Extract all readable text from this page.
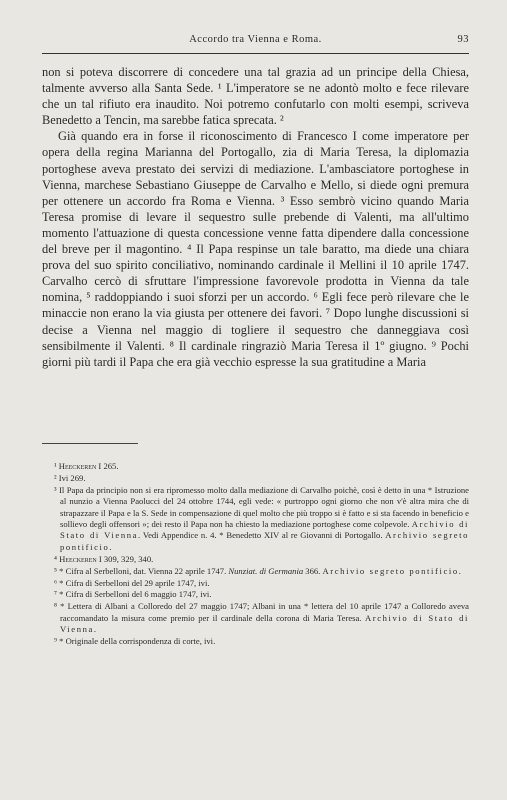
Accordo tra Vienna e Roma.	93

non si poteva discorrere di concedere una tal grazia ad un principe della Chiesa, talmente avverso alla Santa Sede. ¹ L'imperatore se ne adontò molto e fece rilevare che un tal rifiuto era inaudito. Noi potremo confutarlo con molti esempi, scriveva Benedetto a Tencin, ma sarebbe fatica sprecata. ²

Già quando era in forse il riconoscimento di Francesco I come imperatore per opera della regina Marianna del Portogallo, zia di Maria Teresa, la diplomazia portoghese aveva prestato dei servizi di mediazione. L'ambasciatore portoghese in Vienna, marchese Sebastiano Giuseppe de Carvalho e Mello, si diede ogni premura per ottenere un accordo fra Roma e Vienna. ³ Esso sembrò vicino quando Maria Teresa promise di levare il sequestro sulle prebende di Valenti, ma all'ultimo momento l'attuazione di questa concessione venne fatta dipendere dalla concessione del breve per il magontino. ⁴ Il Papa respinse un tale baratto, ma diede una chiara prova del suo spirito conciliativo, nominando cardinale il Mellini il 10 aprile 1747. Carvalho cercò di sfruttare l'impressione favorevole prodotta in Vienna da tale nomina, ⁵ raddoppiando i suoi sforzi per un accordo. ⁶ Egli fece però rilevare che le minaccie non erano la via giusta per ottenere dei favori. ⁷ Dopo lunghe discussioni si decise a Vienna nel maggio di togliere il sequestro che danneggiava così sensibilmente il Valenti. ⁸ Il cardinale ringraziò Maria Teresa il 1º giugno. ⁹ Pochi giorni più tardi il Papa che era già vecchio espresse la sua gratitudine a Maria

¹ Heeckeren I 265.

² Ivi 269.

³ Il Papa da principio non si era ripromesso molto dalla mediazione di Carvalho poichè, così è detto in una * Istruzione al nunzio a Vienna Paolucci del 24 ottobre 1744, egli vede: « purtroppo ogni giorno che non v'è altra mira che di strapazzare il Papa e la S. Sede in compensazione di quel molto che più troppo si è fatto e si sta facendo in beneficio e sollievo degli offensori »; dei resto il Papa non ha chiesto la mediazione portoghese come colpevole. Archivio di Stato di Vienna. Vedi Appendice n. 4. * Benedetto XIV al re Giovanni di Portogallo. Archivio segreto pontificio.

⁴ Heeckeren I 309, 329, 340.

⁵ * Cifra al Serbelloni, dat. Vienna 22 aprile 1747. Nunziat. di Germania 366. Archivio segreto pontificio.

⁶ * Cifra di Serbelloni del 29 aprile 1747, ivi.

⁷ * Cifra di Serbelloni del 6 maggio 1747, ivi.

⁸ * Lettera di Albani a Colloredo del 27 maggio 1747; Albani in una * lettera del 10 aprile 1747 a Colloredo aveva raccomandato la misura come premio per il cardinale della corona di Maria Teresa. Archivio di Stato di Vienna.

⁹ * Originale della corrispondenza di corte, ivi.
